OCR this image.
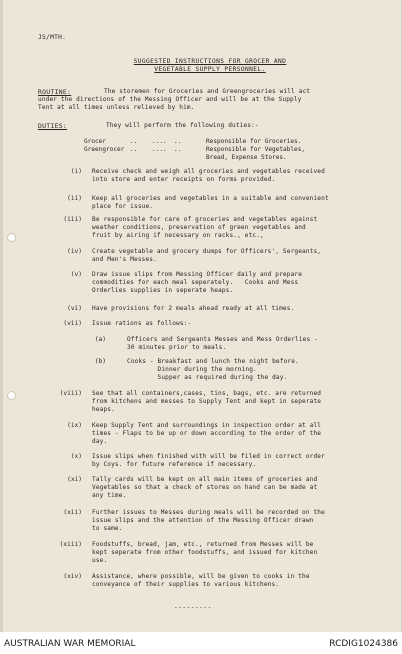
JS/MTH.
SUGGESTED INSTRUCTIONS FOR GROCER AND
VEGETABLE SUPPLY PERSONNEL.
ROUTINE:	The storemen for Groceries and Greengroceries will act
under the directions of the Messing Officer and will be at the Supply
Tent at all times unless relieved by him.
DUTIES:	They will perform the following duties:-
Grocer	..    ....  ..	Responsible for Groceries.
Greengrocer ..    ....  ..	Responsible for Vegetables,
Bread, Expense Stores.
(i) Receive check and weigh all groceries and vegetables received
into store and enter receipts on forms provided.
(ii) Keep all groceries and vegetables in a suitable and convenient
place for issue.
(iii) Be responsible for care of groceries and vegetables against
weather conditions, preservation of green vegetables and
fruit by airing if necessary on racks., etc.,
(iv) Create vegetable and grocery dumps for Officers', Sergeants,
and Men's Messes.
(v) Draw issue slips from Messing Officer daily and prepare
commodities for each meal seperately.   Cooks and Mess
Orderlies supplies in seperate heaps.
(vi) Have provisions for 2 meals ahead ready at all times.
(vii) Issue rations as follows:-
(a)	Officers and Sergeants Messes and Mess Orderlies -
30 minutes prior to meals.
(b)	Cooks - Breakfast and lunch the night before.
Dinner during the morning.
Supper as required during the day.
(viii) See that all containers,cases, tins, bags, etc. are returned
from kitchens and messes to Supply Tent and kept in seperate
heaps.
(ix) Keep Supply Tent and surroundings in inspection order at all
times - Flaps to be up or down according to the order of the
day.
(x) Issue slips when finished with will be filed in correct order
by Coys. for future reference if necessary.
(xi) Tally cards will be kept on all main items of groceries and
Vegetables so that a check of stores on hand can be made at
any time.
(xii) Further issues to Messes during meals will be recorded on the
issue slips and the attention of the Messing Officer drawn
to same.
(xiii) Foodstuffs, bread, jam, etc., returned from Messes will be
kept seperate from other foodstuffs, and issued for kitchen
use.
(xiv) Assistance, where possible, will be given to cooks in the
conveyance of their supplies to various kitchens.
---------
AUSTRALIAN WAR MEMORIAL	RCDIG1024386
